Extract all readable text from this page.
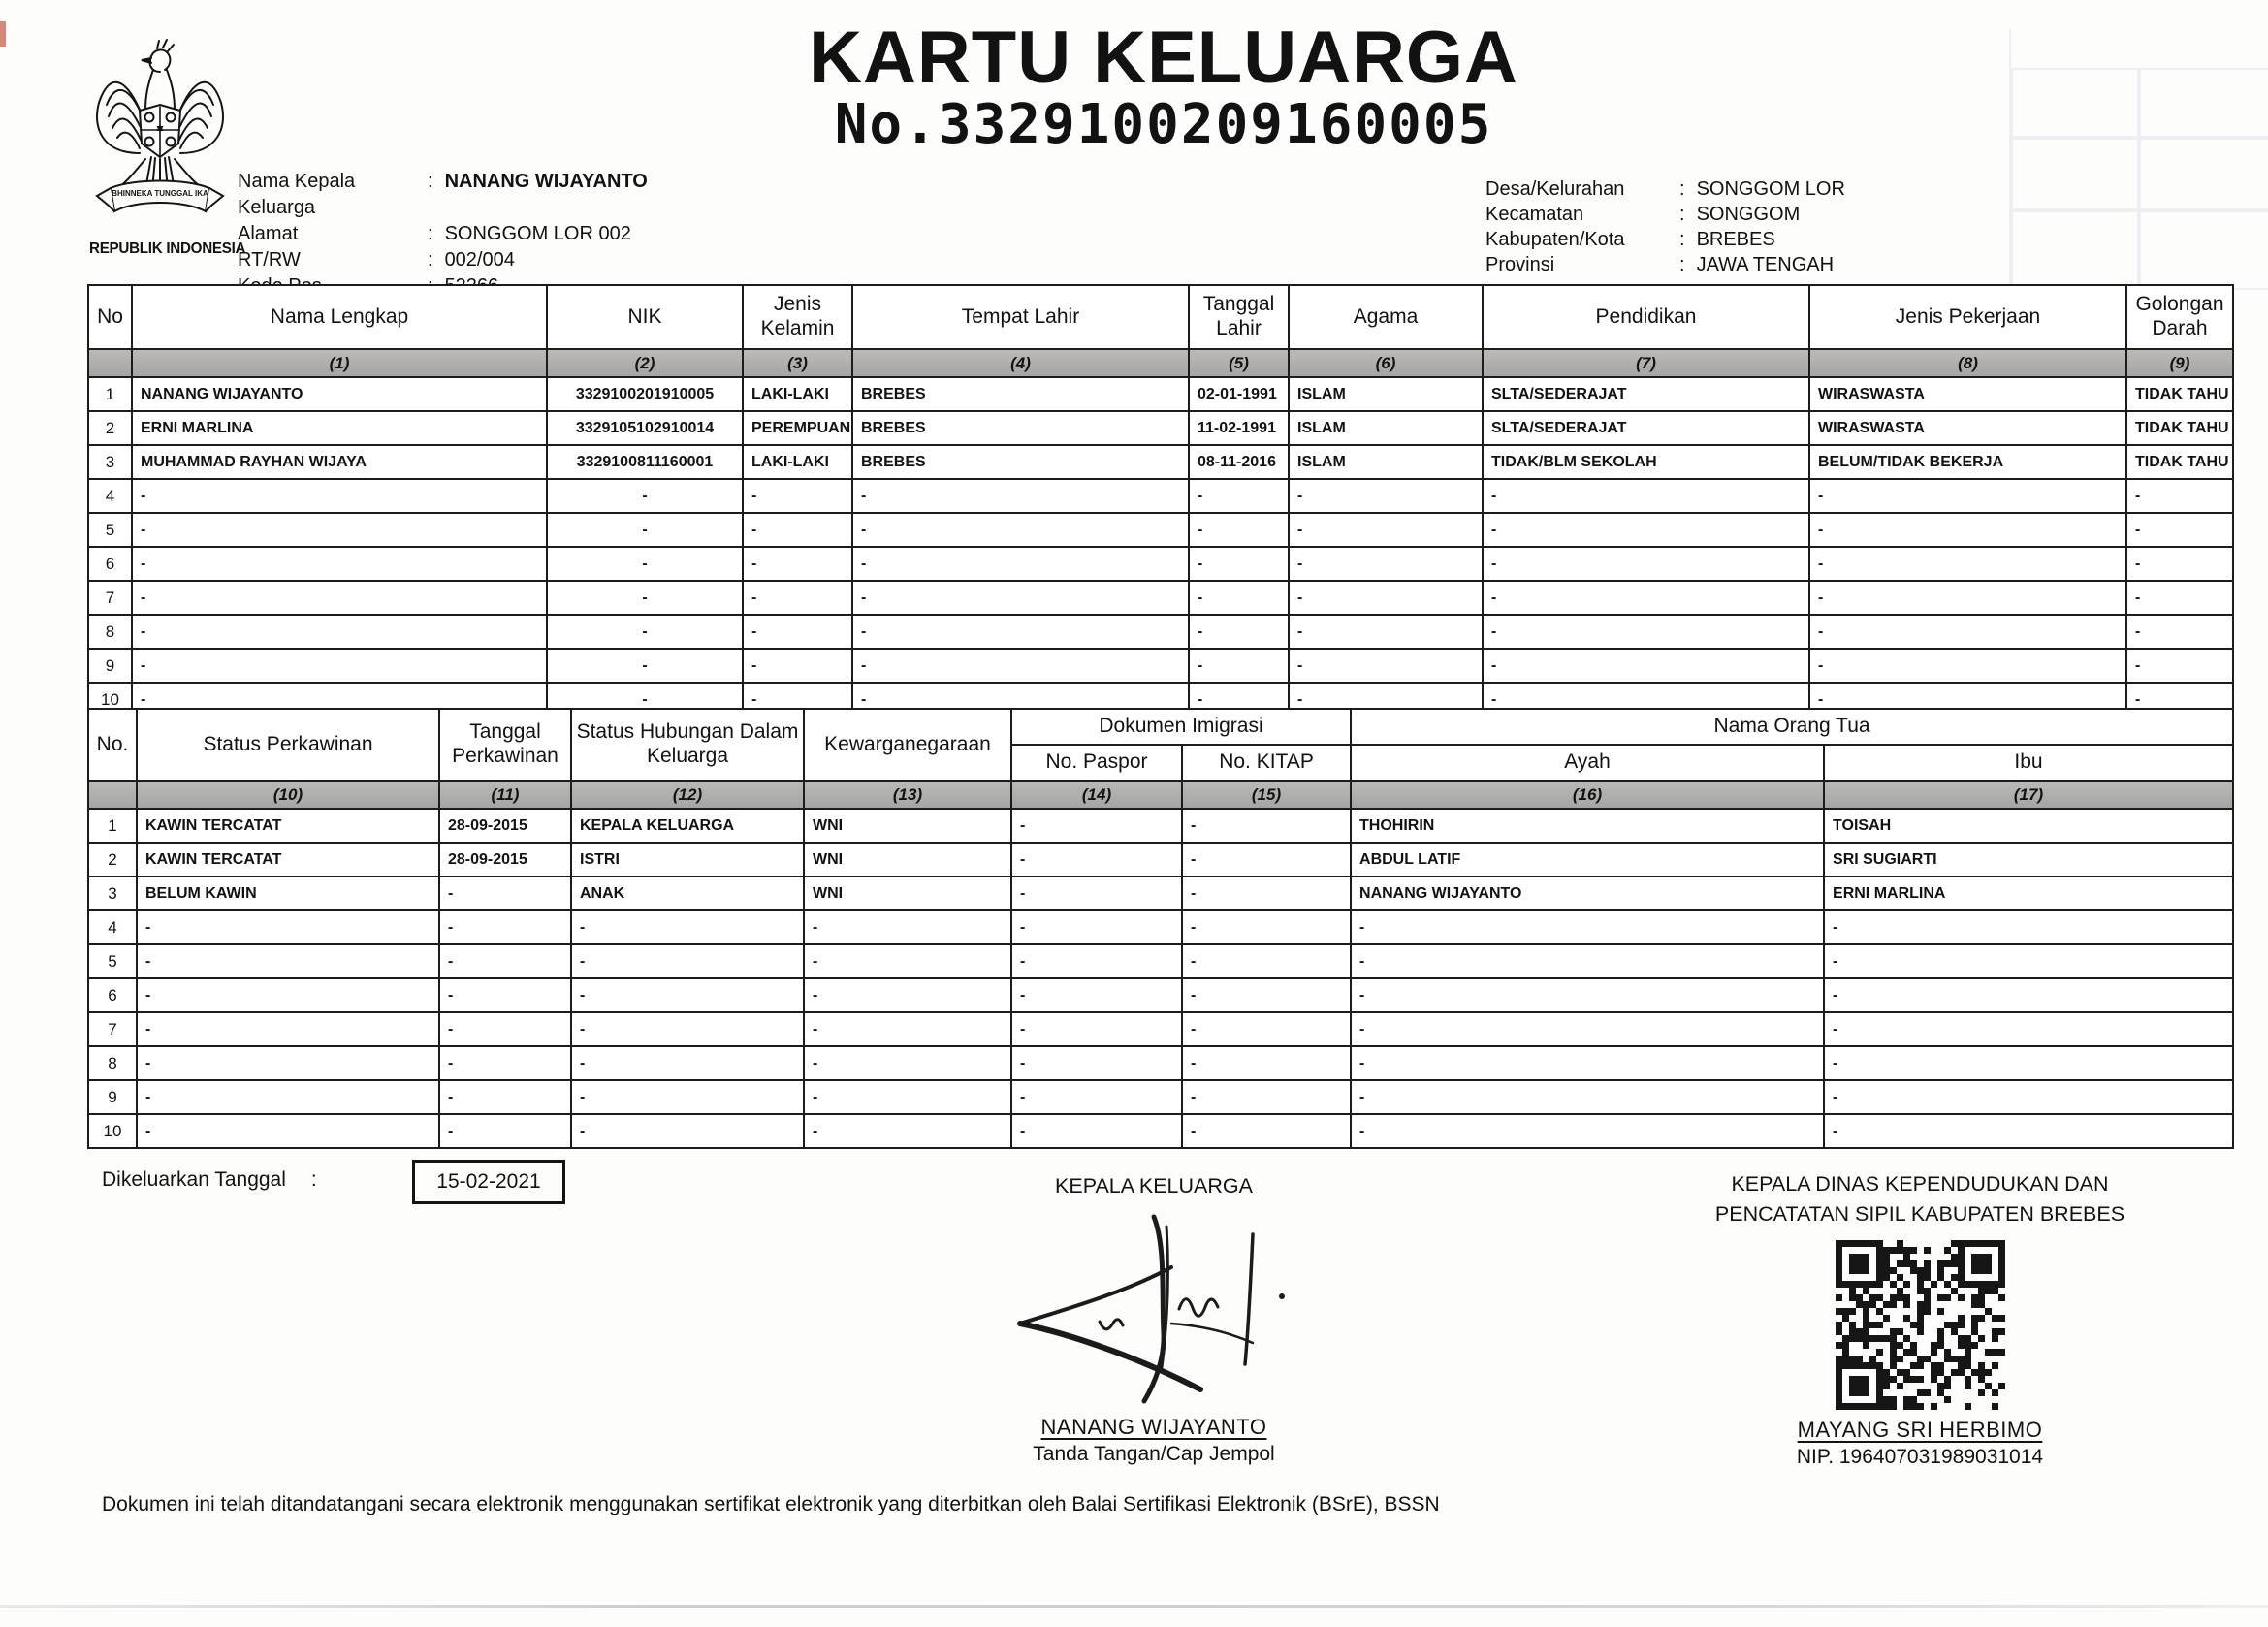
BHINNEKA TUNGGAL IKA
REPUBLIK INDONESIA
KARTU KELUARGA
No.3329100209160005
Nama Kepala Keluarga
: NANANG WIJAYANTO
Alamat	: SONGGOM LOR 002
RT/RW	: 002/004
Desa/Kelurahan	: SONGGOM LOR
Kecamatan	: SONGGOM
Kabupaten/Kota	: BREBES
Provinsi	: JAWA TENGAH
No	Nama Lengkap	NIK	Jenis Kelamin	Tempat Lahir	Tanggal Lahir	Agama	Pendidikan	Jenis Pekerjaan	Golongan Darah
	(1)	(2)	(3)	(4)	(5)	(6)	(7)	(8)	(9)
1	NANANG WIJAYANTO	3329100201910005	LAKI-LAKI	BREBES	02-01-1991	ISLAM	SLTA/SEDERAJAT	WIRASWASTA	TIDAK TAHU
2	ERNI MARLINA	3329105102910014	PEREMPUAN	BREBES	11-02-1991	ISLAM	SLTA/SEDERAJAT	WIRASWASTA	TIDAK TAHU
3	MUHAMMAD RAYHAN WIJAYA	3329100811160001	LAKI-LAKI	BREBES	08-11-2016	ISLAM	TIDAK/BLM SEKOLAH	BELUM/TIDAK BEKERJA	TIDAK TAHU
4	-	-	-	-	-	-	-	-	-
5	-	-	-	-	-	-	-	-	-
6	-	-	-	-	-	-	-	-	-
7	-	-	-	-	-	-	-	-	-
8	-	-	-	-	-	-	-	-	-
9	-	-	-	-	-	-	-	-	-
10	-	-	-	-	-	-	-	-	-
No.	Status Perkawinan	Tanggal Perkawinan	Status Hubungan Dalam Keluarga	Kewarganegaraan	Dokumen Imigrasi		Nama Orang Tua	
					No. Paspor	No. KITAP	Ayah	Ibu
	(10)	(11)	(12)	(13)	(14)	(15)	(16)	(17)
1	KAWIN TERCATAT	28-09-2015	KEPALA KELUARGA	WNI	-	-	THOHIRIN	TOISAH
2	KAWIN TERCATAT	28-09-2015	ISTRI	WNI	-	-	ABDUL LATIF	SRI SUGIARTI
3	BELUM KAWIN	-	ANAK	WNI	-	-	NANANG WIJAYANTO	ERNI MARLINA
4	-	-	-	-	-	-	-	-
5	-	-	-	-	-	-	-	-
6	-	-	-	-	-	-	-	-
7	-	-	-	-	-	-	-	-
8	-	-	-	-	-	-	-	-
9	-	-	-	-	-	-	-	-
10	-	-	-	-	-	-	-	-
Dikeluarkan Tanggal :	15-02-2021	KEPALA KELUARGA
NANANG WIJAYANTO
Tanda Tangan/Cap Jempol
KEPALA DINAS KEPENDUDUKAN DAN
PENCATATAN SIPIL KABUPATEN BREBES
MAYANG SRI HERBIMO
NIP. 196407031989031014
Dokumen ini telah ditandatangani secara elektronik menggunakan sertifikat elektronik yang diterbitkan oleh Balai Sertifikasi Elektronik (BSrE), BSSN
